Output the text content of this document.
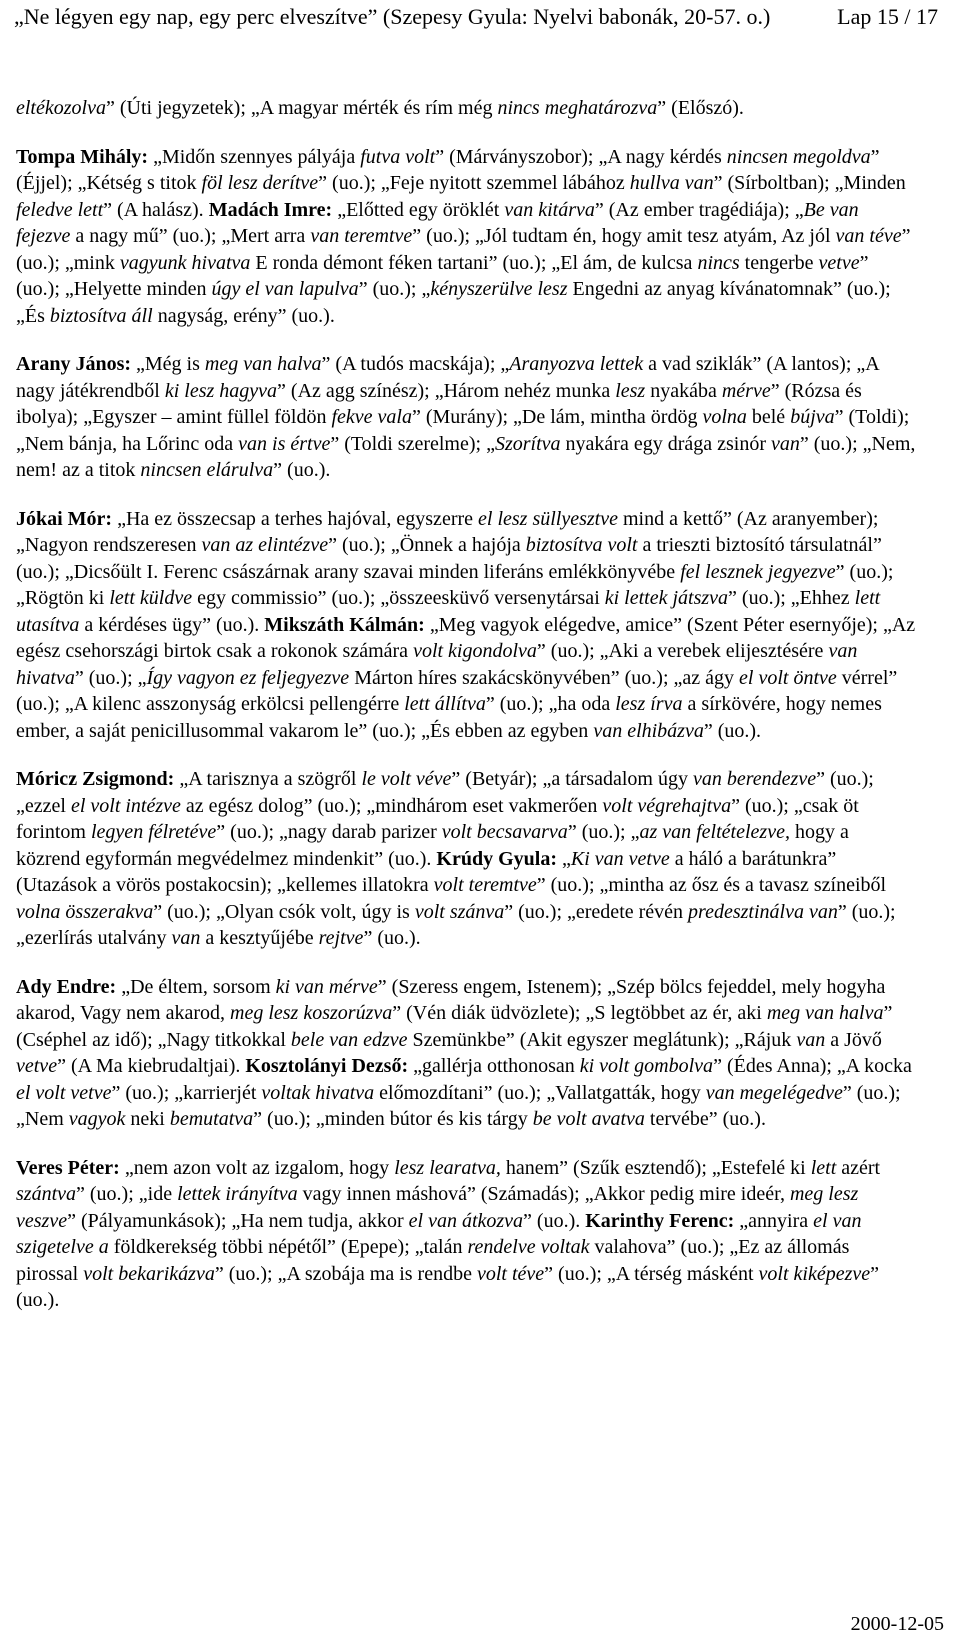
„Ne légyen egy nap, egy perc elveszítve” (Szepesy Gyula: Nyelvi babonák, 20-57. o.)	Lap 15 / 17

eltékozolva” (Úti jegyzetek); „A magyar mérték és rím még nincs meghatározva” (Előszó).

Tompa Mihály: „Midőn szennyes pályája futva volt” (Márványszobor); „A nagy kérdés nincsen megoldva” (Éjjel); „Kétség s titok föl lesz derítve” (uo.); „Feje nyitott szemmel lábához hullva van” (Sírboltban); „Minden feledve lett” (A halász). Madách Imre: „Előtted egy öröklét van kitárva” (Az ember tragédiája); „Be van fejezve a nagy mű” (uo.); „Mert arra van teremtve” (uo.); „Jól tudtam én, hogy amit tesz atyám, Az jól van téve” (uo.); „mink vagyunk hivatva E ronda démont féken tartani” (uo.); „El ám, de kulcsa nincs tengerbe vetve” (uo.); „Helyette minden úgy el van lapulva” (uo.); „kényszerülve lesz Engedni az anyag kívánatomnak” (uo.); „És biztosítva áll nagyság, erény” (uo.).

Arany János: „Még is meg van halva” (A tudós macskája); „Aranyozva lettek a vad sziklák” (A lantos); „A nagy játékrendből ki lesz hagyva” (Az agg színész); „Három nehéz munka lesz nyakába mérve” (Rózsa és ibolya); „Egyszer – amint füllel földön fekve vala” (Murány); „De lám, mintha ördög volna belé bújva” (Toldi); „Nem bánja, ha Lőrinc oda van is értve” (Toldi szerelme); „Szorítva nyakára egy drága zsinór van” (uo.); „Nem, nem! az a titok nincsen elárulva” (uo.).

Jókai Mór: „Ha ez összecsap a terhes hajóval, egyszerre el lesz süllyesztve mind a kettő” (Az aranyember); „Nagyon rendszeresen van az elintézve” (uo.); „Önnek a hajója biztosítva volt a trieszti biztosító társulatnál” (uo.); „Dicsőült I. Ferenc császárnak arany szavai minden liferáns emlékkönyvébe fel lesznek jegyezve” (uo.); „Rögtön ki lett küldve egy commissio” (uo.); „összeesküvő versenytársai ki lettek játszva” (uo.); „Ehhez lett utasítva a kérdéses ügy” (uo.). Mikszáth Kálmán: „Meg vagyok elégedve, amice” (Szent Péter esernyője); „Az egész csehországi birtok csak a rokonok számára volt kigondolva” (uo.); „Aki a verebek elijesztésére van hivatva” (uo.); „Így vagyon ez feljegyezve Márton híres szakácskönyvében” (uo.); „az ágy el volt öntve vérrel” (uo.); „A kilenc asszonyság erkölcsi pellengérre lett állítva” (uo.); „ha oda lesz írva a sírkövére, hogy nemes ember, a saját penicillusommal vakarom le” (uo.); „És ebben az egyben van elhibázva” (uo.).

Móricz Zsigmond: „A tarisznya a szögről le volt véve” (Betyár); „a társadalom úgy van berendezve” (uo.); „ezzel el volt intézve az egész dolog” (uo.); „mindhárom eset vakmerően volt végrehajtva” (uo.); „csak öt forintom legyen félretéve” (uo.); „nagy darab parizer volt becsavarva” (uo.); „az van feltételezve, hogy a közrend egyformán megvédelmez mindenkit” (uo.). Krúdy Gyula: „Ki van vetve a háló a barátunkra” (Utazások a vörös postakocsin); „kellemes illatokra volt teremtve” (uo.); „mintha az ősz és a tavasz színeiből volna összerakva” (uo.); „Olyan csók volt, úgy is volt szánva” (uo.); „eredete révén predesztinálva van” (uo.); „ezerlírás utalvány van a kesztyűjébe rejtve” (uo.).

Ady Endre: „De éltem, sorsom ki van mérve” (Szeress engem, Istenem); „Szép bölcs fejeddel, mely hogyha akarod, Vagy nem akarod, meg lesz koszorúzva” (Vén diák üdvözlete); „S legtöbbet az ér, aki meg van halva” (Cséphel az idő); „Nagy titkokkal bele van edzve Szemünkbe” (Akit egyszer meglátunk); „Rájuk van a Jövő vetve” (A Ma kiebrudaltjai). Kosztolányi Dezső: „gallérja otthonosan ki volt gombolva” (Édes Anna); „A kocka el volt vetve” (uo.); „karrierjét voltak hivatva előmozdítani” (uo.); „Vallatgatták, hogy van megelégedve” (uo.); „Nem vagyok neki bemutatva” (uo.); „minden bútor és kis tárgy be volt avatva tervébe” (uo.).

Veres Péter: „nem azon volt az izgalom, hogy lesz learatva, hanem” (Szűk esztendő); „Estefelé ki lett azért szántva” (uo.); „ide lettek irányítva vagy innen máshová” (Számadás); „Akkor pedig mire ideér, meg lesz veszve” (Pályamunkások); „Ha nem tudja, akkor el van átkozva” (uo.). Karinthy Ferenc: „annyira el van szigetelve a földkerekség többi népétől” (Epepe); „talán rendelve voltak valahova” (uo.); „Ez az állomás pirossal volt bekarikázva” (uo.); „A szobája ma is rendbe volt téve” (uo.); „A térség másként volt kiképezve” (uo.).

2000-12-05
